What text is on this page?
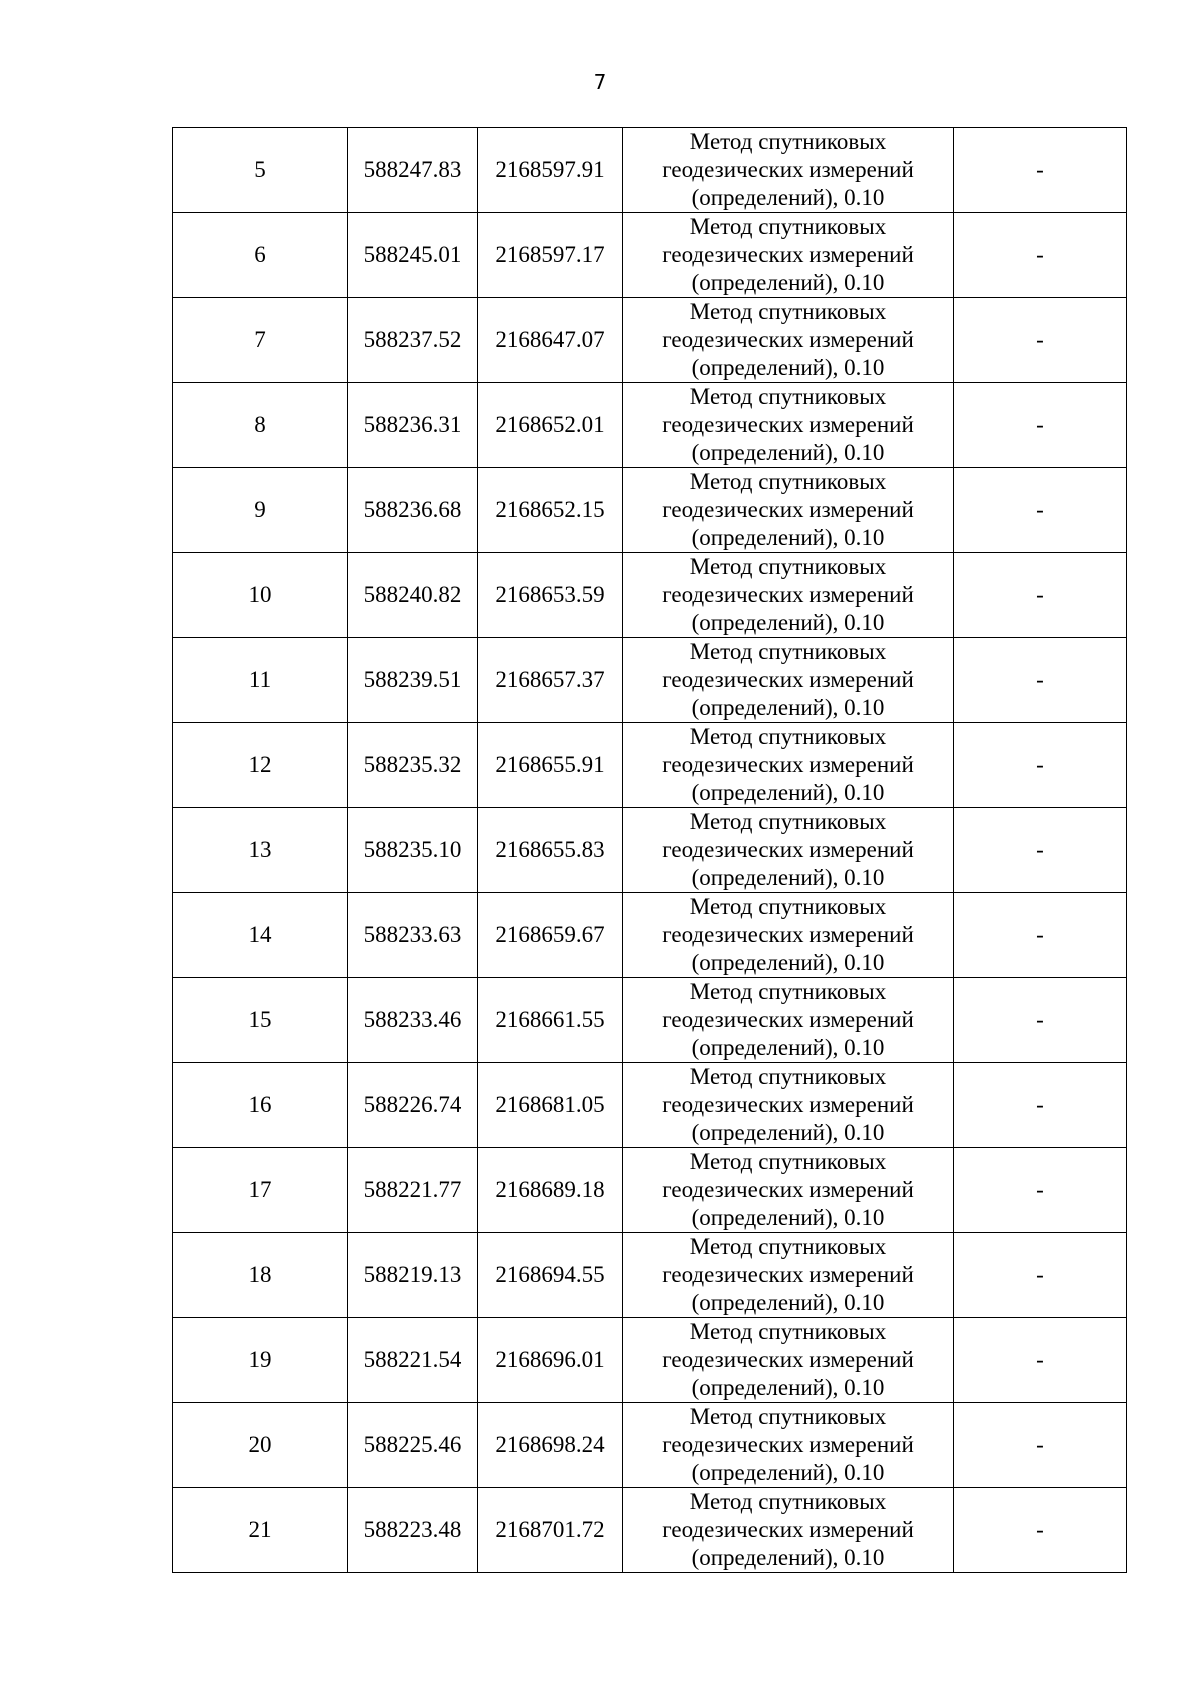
7
5	588247.83	2168597.91	Метод спутниковых
геодезических измерений
(определений), 0.10	-
6	588245.01	2168597.17	Метод спутниковых
геодезических измерений
(определений), 0.10	-
7	588237.52	2168647.07	Метод спутниковых
геодезических измерений
(определений), 0.10	-
8	588236.31	2168652.01	Метод спутниковых
геодезических измерений
(определений), 0.10	-
9	588236.68	2168652.15	Метод спутниковых
геодезических измерений
(определений), 0.10	-
10	588240.82	2168653.59	Метод спутниковых
геодезических измерений
(определений), 0.10	-
11	588239.51	2168657.37	Метод спутниковых
геодезических измерений
(определений), 0.10	-
12	588235.32	2168655.91	Метод спутниковых
геодезических измерений
(определений), 0.10	-
13	588235.10	2168655.83	Метод спутниковых
геодезических измерений
(определений), 0.10	-
14	588233.63	2168659.67	Метод спутниковых
геодезических измерений
(определений), 0.10	-
15	588233.46	2168661.55	Метод спутниковых
геодезических измерений
(определений), 0.10	-
16	588226.74	2168681.05	Метод спутниковых
геодезических измерений
(определений), 0.10	-
17	588221.77	2168689.18	Метод спутниковых
геодезических измерений
(определений), 0.10	-
18	588219.13	2168694.55	Метод спутниковых
геодезических измерений
(определений), 0.10	-
19	588221.54	2168696.01	Метод спутниковых
геодезических измерений
(определений), 0.10	-
20	588225.46	2168698.24	Метод спутниковых
геодезических измерений
(определений), 0.10	-
21	588223.48	2168701.72	Метод спутниковых
геодезических измерений
(определений), 0.10	-
